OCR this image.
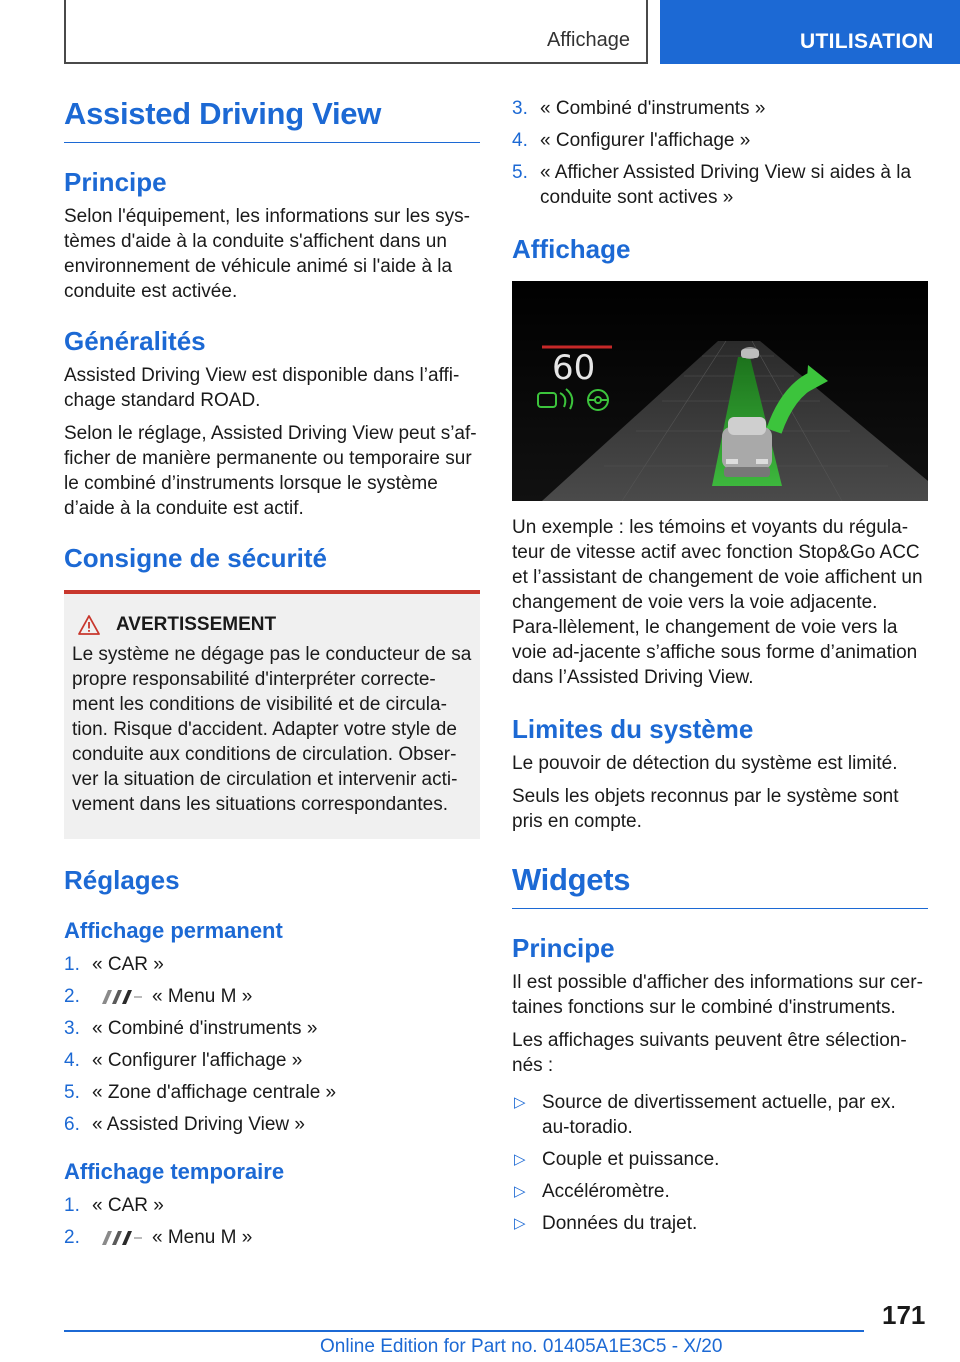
Affichage	UTILISATION
Assisted Driving View
Principe

Selon l'équipement, les informations sur les sys-tèmes d'aide à la conduite s'affichent dans un environnement de véhicule animé si l'aide à la conduite est activée.

Généralités

Assisted Driving View est disponible dans l’affi-chage standard ROAD.

Selon le réglage, Assisted Driving View peut s’af-ficher de manière permanente ou temporaire sur le combiné d’instruments lorsque le système d’aide à la conduite est actif.

Consigne de sécurité
AVERTISSEMENT

Le système ne dégage pas le conducteur de sa propre responsabilité d'interpréter correcte-ment les conditions de visibilité et de circula-tion. Risque d'accident. Adapter votre style de conduite aux conditions de circulation. Obser-ver la situation de circulation et intervenir acti-vement dans les situations correspondantes.

Réglages
Affichage permanent
1. « CAR »
2.	« Menu M »
3. « Combiné d'instruments »
4. « Configurer l'affichage »
5. « Zone d'affichage centrale »
6. « Assisted Driving View »
Affichage temporaire
1. « CAR »
2.	« Menu M »
3. « Combiné d'instruments »
4. « Configurer l'affichage »
5. « Afficher Assisted Driving View si aides à la conduite sont actives »
Affichage
60

Un exemple : les témoins et voyants du régula-teur de vitesse actif avec fonction Stop&Go ACC et l’assistant de changement de voie affichent un changement de voie vers la voie adjacente. Para-llèlement, le changement de voie vers la voie ad-jacente s’affiche sous forme d’animation dans l’Assisted Driving View.

Limites du système

Le pouvoir de détection du système est limité.

Seuls les objets reconnus par le système sont pris en compte.

Widgets
Principe

Il est possible d'afficher des informations sur cer-taines fonctions sur le combiné d'instruments.

Les affichages suivants peuvent être sélection-nés :

▷ Source de divertissement actuelle, par ex. au-toradio.
▷ Couple et puissance.
▷ Accéléromètre.
▷ Données du trajet.
171
Online Edition for Part no. 01405A1E3C5 - X/20
